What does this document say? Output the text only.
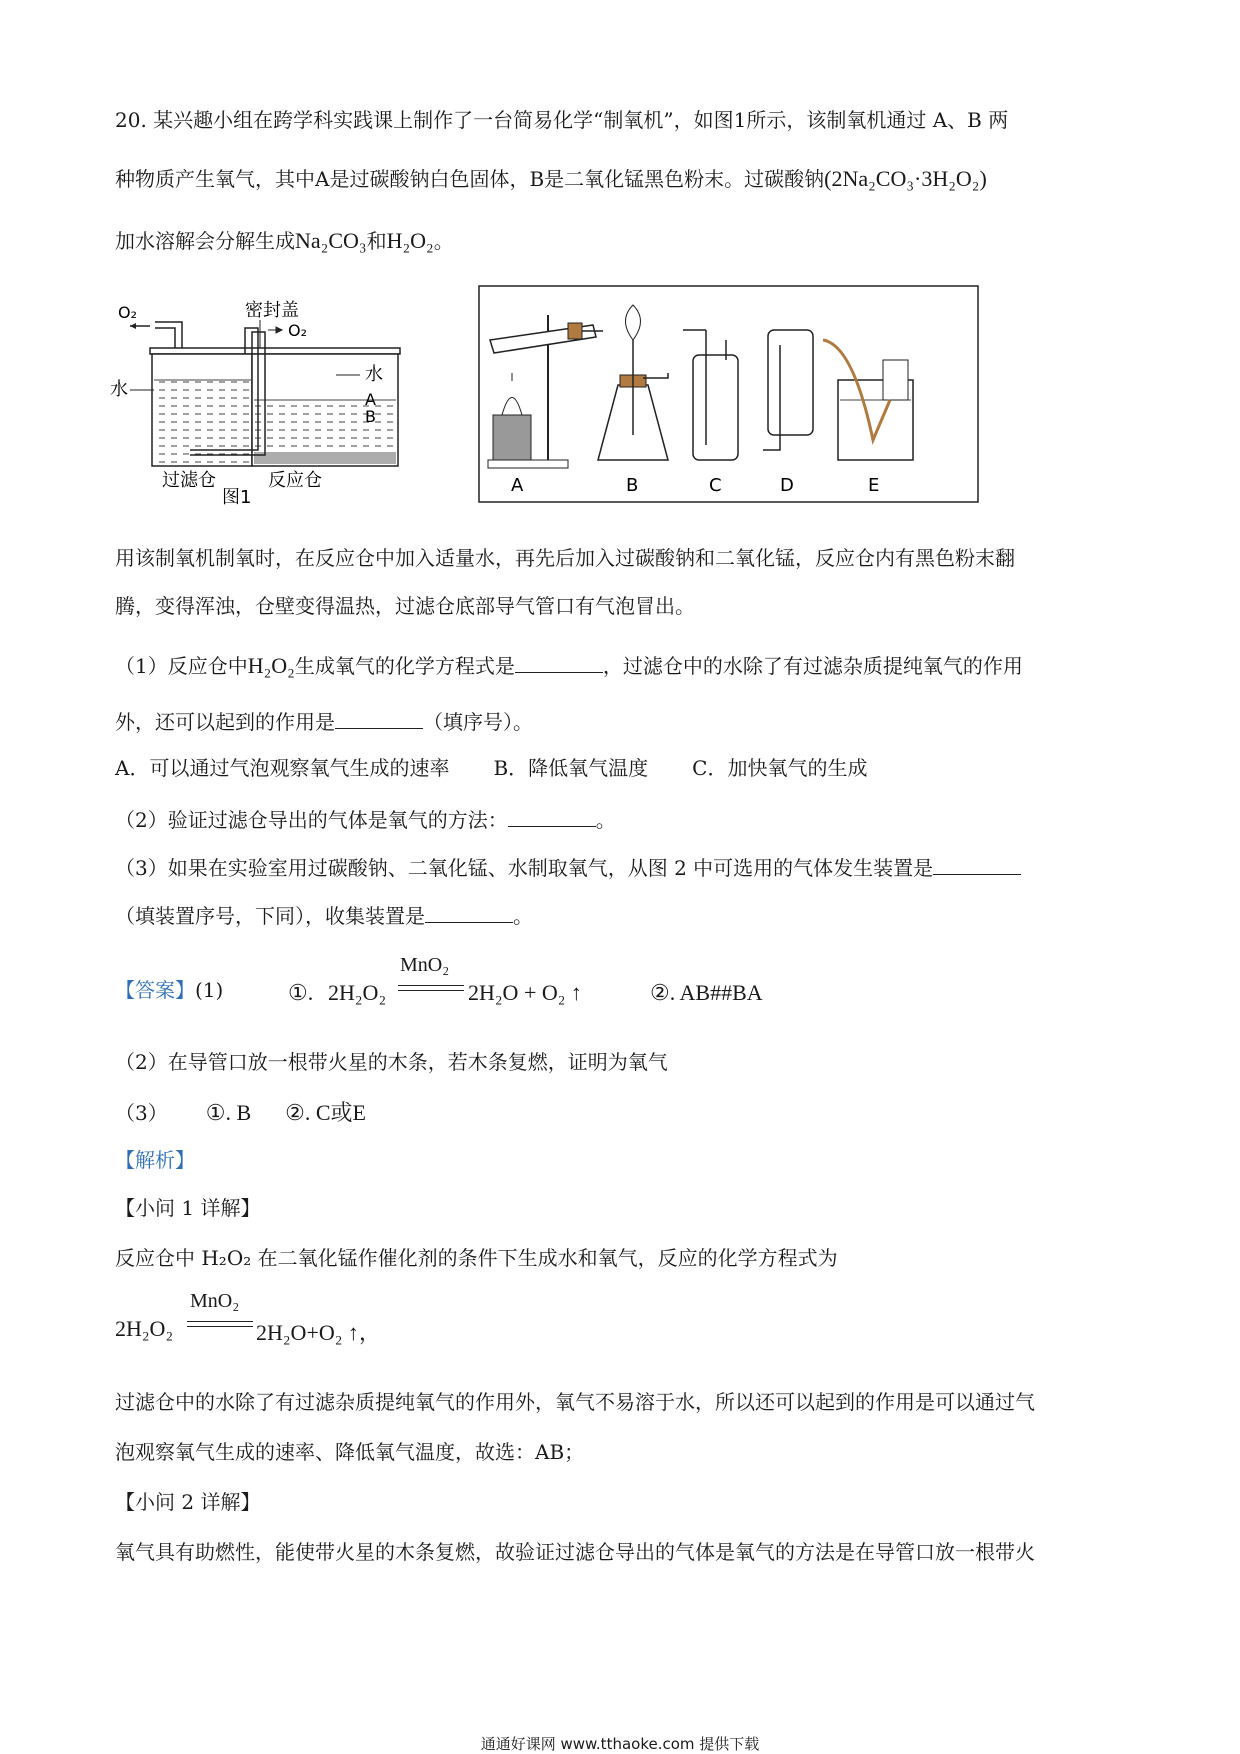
20. 某兴趣小组在跨学科实践课上制作了一台简易化学“制氧机”，如图1所示，该制氧机通过 A、B 两
种物质产生氧气，其中A是过碳酸钠白色固体，B是二氧化锰黑色粉末。过碳酸钠(2Na₂CO₃·3H₂O₂)
加水溶解会分解生成Na₂CO₃和H₂O₂。
O₂	密封盖
O₂
水
水
A
B
过滤仓	反应仓
图1
A	B	C	D	E
用该制氧机制氧时，在反应仓中加入适量水，再先后加入过碳酸钠和二氧化锰，反应仓内有黑色粉末翻
腾，变得浑浊，仓壁变得温热，过滤仓底部导气管口有气泡冒出。
（1）反应仓中H₂O₂生成氧气的化学方程式是	，过滤仓中的水除了有过滤杂质提纯氧气的作用
外，还可以起到的作用是	（填序号）。
A．可以通过气泡观察氧气生成的速率 B．降低氧气温度 C．加快氧气的生成
（2）验证过滤仓导出的气体是氧气的方法：	。
（3）如果在实验室用过碳酸钠、二氧化锰、水制取氧气，从图 2 中可选用的气体发生装置是
（填装置序号，下同），收集装置是	。
【答案】(1)	①. 2H₂O₂
MnO₂
2H₂O + O₂ ↑	②. AB##BA
（2）在导管口放一根带火星的木条，若木条复燃，证明为氧气
（3） ①. B ②. C或E
【解析】
【小问 1 详解】
反应仓中 H₂O₂ 在二氧化锰作催化剂的条件下生成水和氧气，反应的化学方程式为
2H₂O₂
MnO₂
2H₂O+O₂ ↑，
过滤仓中的水除了有过滤杂质提纯氧气的作用外，氧气不易溶于水，所以还可以起到的作用是可以通过气
泡观察氧气生成的速率、降低氧气温度，故选：AB；
【小问 2 详解】
氧气具有助燃性，能使带火星的木条复燃，故验证过滤仓导出的气体是氧气的方法是在导管口放一根带火
通通好课网 www.tthaoke.com 提供下载
